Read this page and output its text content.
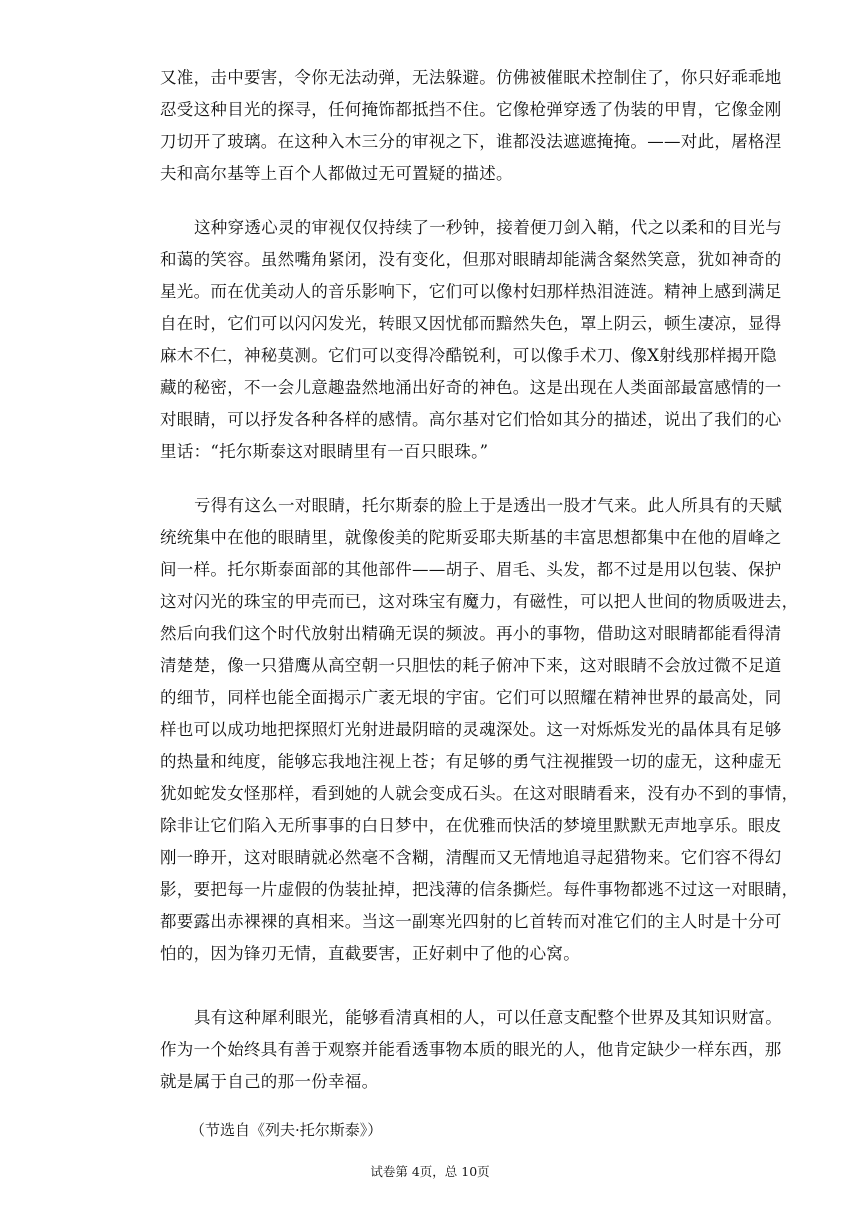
又准，击中要害，令你无法动弹，无法躲避。仿佛被催眠术控制住了，你只好乖乖地
忍受这种目光的探寻，任何掩饰都抵挡不住。它像枪弹穿透了伪装的甲胄，它像金刚
刀切开了玻璃。在这种入木三分的审视之下，谁都没法遮遮掩掩。——对此，屠格涅
夫和高尔基等上百个人都做过无可置疑的描述。
这种穿透心灵的审视仅仅持续了一秒钟，接着便刀剑入鞘，代之以柔和的目光与
和蔼的笑容。虽然嘴角紧闭，没有变化，但那对眼睛却能满含粲然笑意，犹如神奇的
星光。而在优美动人的音乐影响下，它们可以像村妇那样热泪涟涟。精神上感到满足
自在时，它们可以闪闪发光，转眼又因忧郁而黯然失色，罩上阴云，顿生凄凉，显得
麻木不仁，神秘莫测。它们可以变得冷酷锐利，可以像手术刀、像X射线那样揭开隐
藏的秘密，不一会儿意趣盎然地涌出好奇的神色。这是出现在人类面部最富感情的一
对眼睛，可以抒发各种各样的感情。高尔基对它们恰如其分的描述，说出了我们的心
里话：“托尔斯泰这对眼睛里有一百只眼珠。”
亏得有这么一对眼睛，托尔斯泰的脸上于是透出一股才气来。此人所具有的天赋
统统集中在他的眼睛里，就像俊美的陀斯妥耶夫斯基的丰富思想都集中在他的眉峰之
间一样。托尔斯泰面部的其他部件——胡子、眉毛、头发，都不过是用以包装、保护
这对闪光的珠宝的甲壳而已，这对珠宝有魔力，有磁性，可以把人世间的物质吸进去，
然后向我们这个时代放射出精确无误的频波。再小的事物，借助这对眼睛都能看得清
清楚楚，像一只猎鹰从高空朝一只胆怯的耗子俯冲下来，这对眼睛不会放过微不足道
的细节，同样也能全面揭示广袤无垠的宇宙。它们可以照耀在精神世界的最高处，同
样也可以成功地把探照灯光射进最阴暗的灵魂深处。这一对烁烁发光的晶体具有足够
的热量和纯度，能够忘我地注视上苍；有足够的勇气注视摧毁一切的虚无，这种虚无
犹如蛇发女怪那样，看到她的人就会变成石头。在这对眼睛看来，没有办不到的事情，
除非让它们陷入无所事事的白日梦中，在优雅而快活的梦境里默默无声地享乐。眼皮
刚一睁开，这对眼睛就必然毫不含糊，清醒而又无情地追寻起猎物来。它们容不得幻
影，要把每一片虚假的伪装扯掉，把浅薄的信条撕烂。每件事物都逃不过这一对眼睛，
都要露出赤裸裸的真相来。当这一副寒光四射的匕首转而对准它们的主人时是十分可
怕的，因为锋刃无情，直截要害，正好刺中了他的心窝。
具有这种犀利眼光，能够看清真相的人，可以任意支配整个世界及其知识财富。
作为一个始终具有善于观察并能看透事物本质的眼光的人，他肯定缺少一样东西，那
就是属于自己的那一份幸福。
（节选自《列夫·托尔斯泰》）
试卷第 4页，总 10页
